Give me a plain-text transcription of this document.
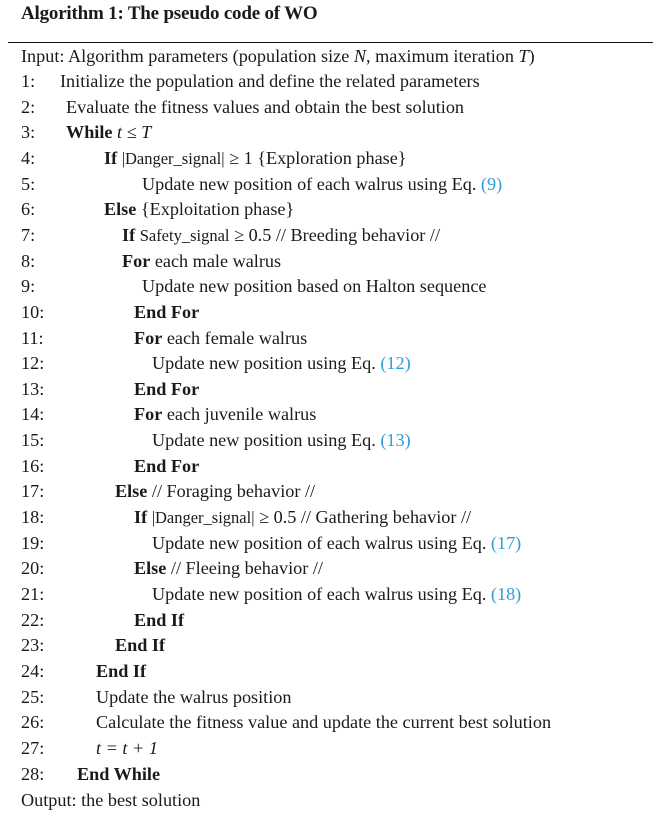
Algorithm 1: The pseudo code of WO
Input: Algorithm parameters (population size N, maximum iteration T)
1: Initialize the population and define the related parameters
2: Evaluate the fitness values and obtain the best solution
3: While t ≤ T
4:	If |Danger_signal| ≥ 1 {Exploration phase}
5:	Update new position of each walrus using Eq. (9)
6:	Else {Exploitation phase}
7:	If Safety_signal ≥ 0.5 // Breeding behavior //
8:	For each male walrus
9:	Update new position based on Halton sequence
10:	End For
11:	For each female walrus
12:	Update new position using Eq. (12)
13:	End For
14:	For each juvenile walrus
15:	Update new position using Eq. (13)
16:	End For
17:	Else // Foraging behavior //
18:	If |Danger_signal| ≥ 0.5 // Gathering behavior //
19:	Update new position of each walrus using Eq. (17)
20:	Else // Fleeing behavior //
21:	Update new position of each walrus using Eq. (18)
22:	End If
23:	End If
24:	End If
25:	Update the walrus position
26:	Calculate the fitness value and update the current best solution
27:	t = t + 1
28: End While
Output: the best solution
